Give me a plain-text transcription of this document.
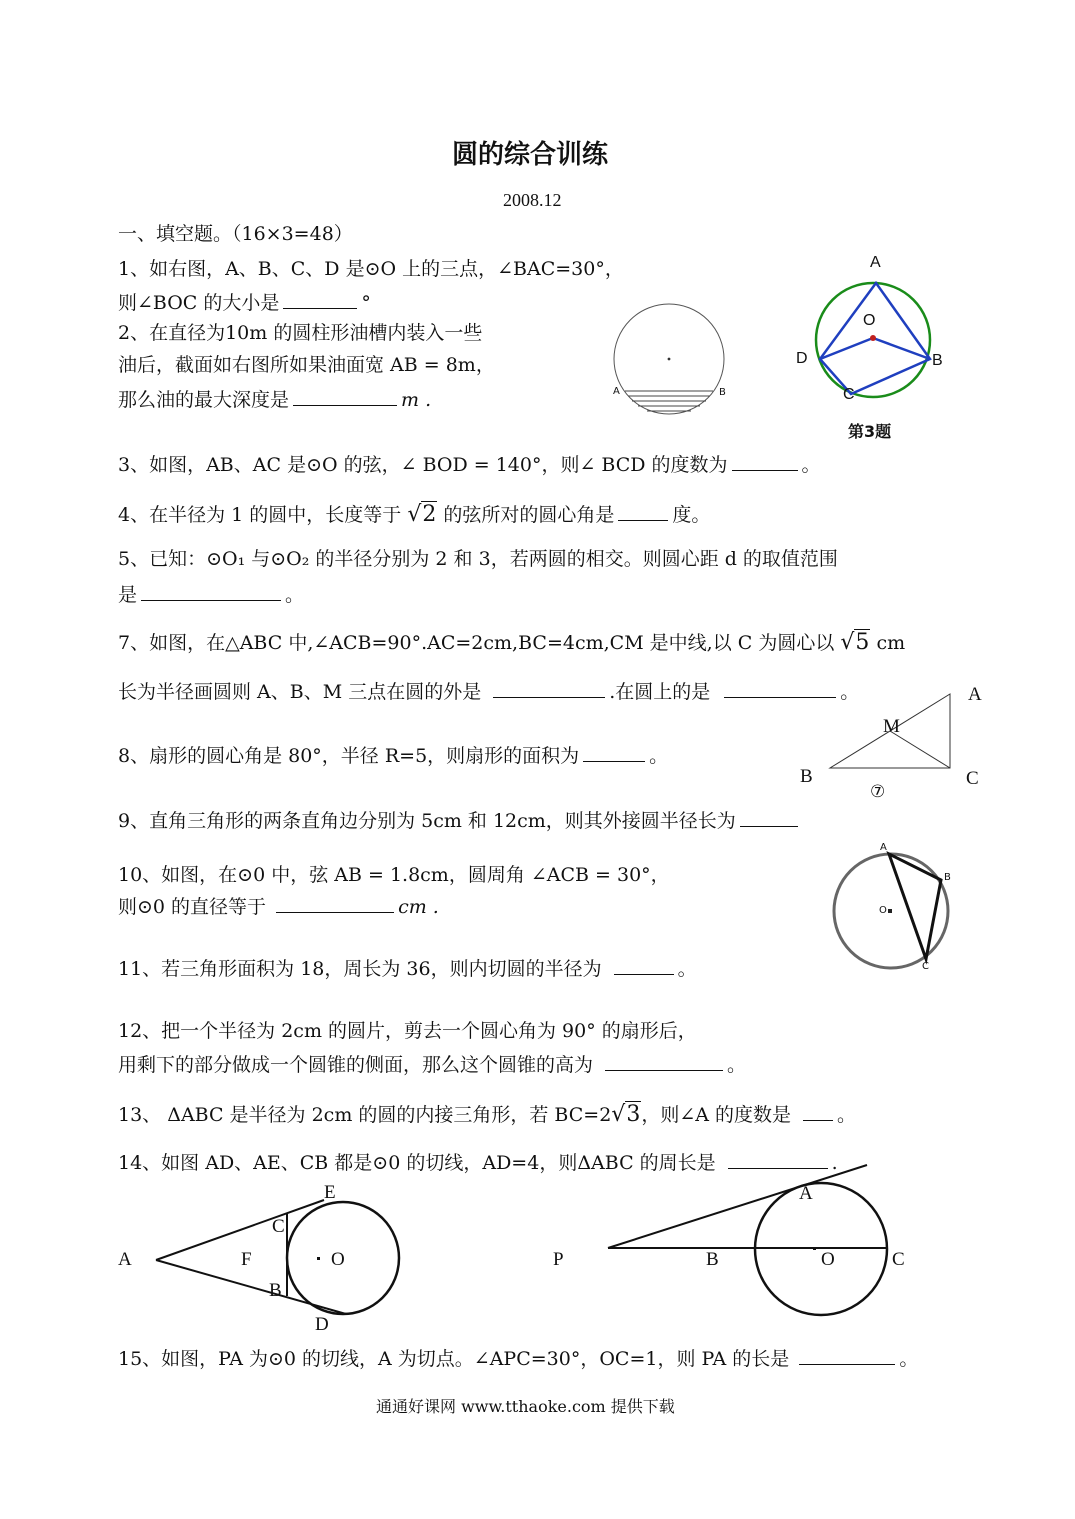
圆的综合训练
2008.12
一、填空题。（16×3=48）
1、如右图，A、B、C、D 是⊙O 上的三点，∠BAC=30°，
则∠BOC 的大小是	°
2、在直径为10m 的圆柱形油槽内装入一些
油后，截面如右图所如果油面宽 AB = 8m，
那么油的最大深度是	m .	A	B
A
O
D	B
C
第3题
3、如图，AB、AC 是⊙O 的弦，∠ BOD = 140°，则∠ BCD 的度数为	。
4、在半径为 1 的圆中，长度等于 √2 的弦所对的圆心角是	度。
5、已知：⊙O₁ 与⊙O₂ 的半径分别为 2 和 3，若两圆的相交。则圆心距 d 的取值范围
是	。
7、如图，在△ABC 中,∠ACB=90°.AC=2cm,BC=4cm,CM 是中线,以 C 为圆心以 √5 cm
长为半径画圆则 A、B、M 三点在圆的外是	.在圆上的是	。	A
M
B	C
⑦
8、扇形的圆心角是 80°，半径 R=5，则扇形的面积为	。
9、直角三角形的两条直角边分别为 5cm 和 12cm，则其外接圆半径长为
10、如图，在⊙0 中，弦 AB = 1.8cm，圆周角 ∠ACB = 30°，
则⊙0 的直径等于	cm .
A
B
C
O
11、若三角形面积为 18，周长为 36，则内切圆的半径为	。
12、把一个半径为 2cm 的圆片，剪去一个圆心角为 90° 的扇形后，
用剩下的部分做成一个圆锥的侧面，那么这个圆锥的高为	。
13、 ΔABC 是半径为 2cm 的圆的内接三角形，若 BC=2√3，则∠A 的度数是 。
14、如图 AD、AE、CB 都是⊙0 的切线，AD=4，则ΔABC 的周长是	.
A	F	O
E
C
B
D
P
A
B	O	C
15、如图，PA 为⊙0 的切线，A 为切点。∠APC=30°，OC=1，则 PA 的长是	。
通通好课网 www.tthaoke.com 提供下载
